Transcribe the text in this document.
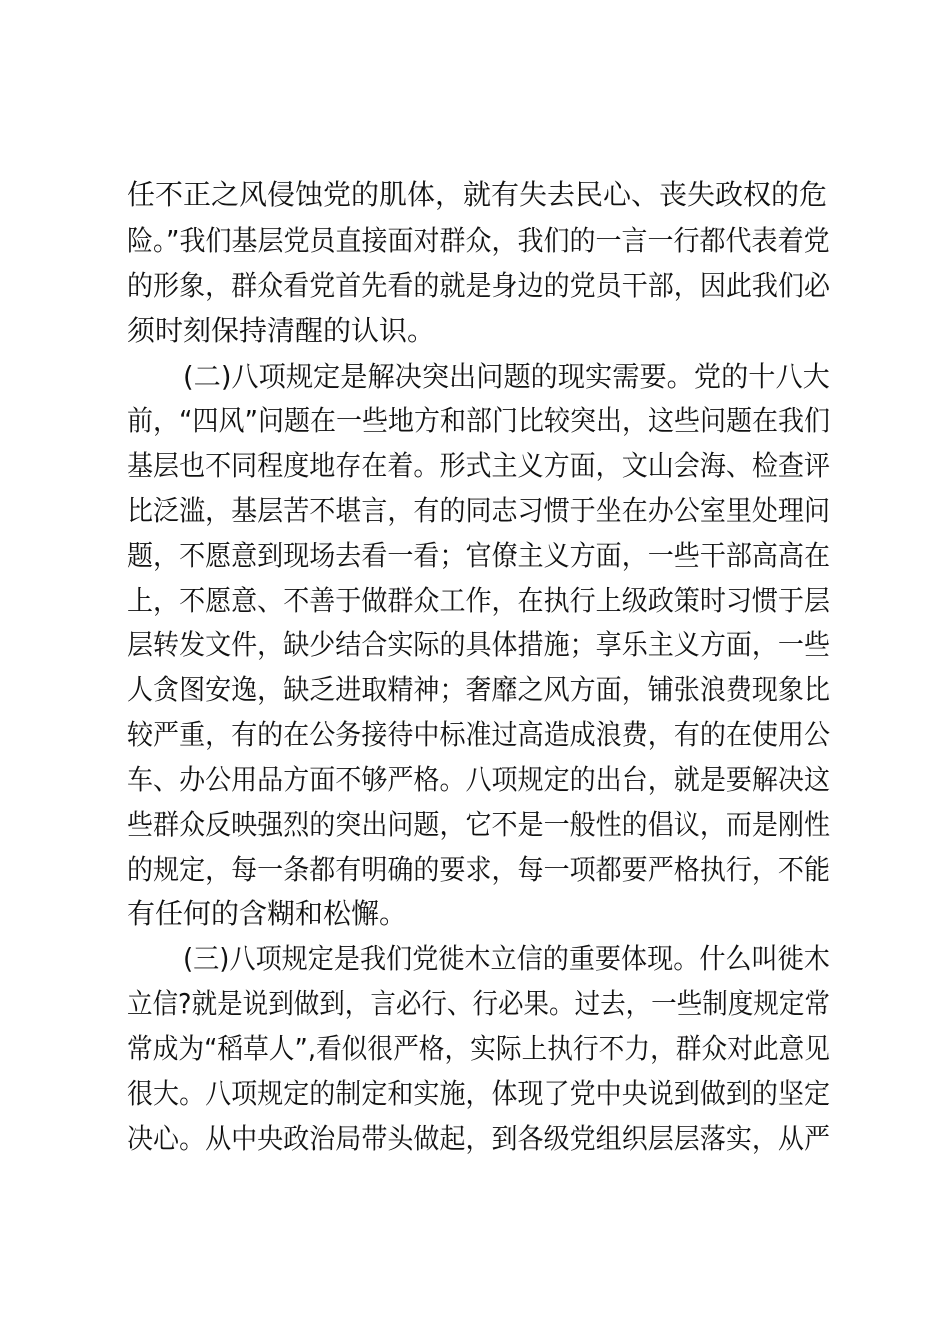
任不正之风侵蚀党的肌体，就有失去民心、丧失政权的危
险。”我们基层党员直接面对群众，我们的一言一行都代表着党
的形象，群众看党首先看的就是身边的党员干部，因此我们必
须时刻保持清醒的认识。
(二)八项规定是解决突出问题的现实需要。党的十八大
前，“四风”问题在一些地方和部门比较突出，这些问题在我们
基层也不同程度地存在着。形式主义方面，文山会海、检查评
比泛滥，基层苦不堪言，有的同志习惯于坐在办公室里处理问
题，不愿意到现场去看一看；官僚主义方面，一些干部高高在
上，不愿意、不善于做群众工作，在执行上级政策时习惯于层
层转发文件，缺少结合实际的具体措施；享乐主义方面，一些
人贪图安逸，缺乏进取精神；奢靡之风方面，铺张浪费现象比
较严重，有的在公务接待中标准过高造成浪费，有的在使用公
车、办公用品方面不够严格。八项规定的出台，就是要解决这
些群众反映强烈的突出问题，它不是一般性的倡议，而是刚性
的规定，每一条都有明确的要求，每一项都要严格执行，不能
有任何的含糊和松懈。
(三)八项规定是我们党徙木立信的重要体现。什么叫徙木
立信?就是说到做到，言必行、行必果。过去，一些制度规定常
常成为“稻草人”,看似很严格，实际上执行不力，群众对此意见
很大。八项规定的制定和实施，体现了党中央说到做到的坚定
决心。从中央政治局带头做起，到各级党组织层层落实，从严
